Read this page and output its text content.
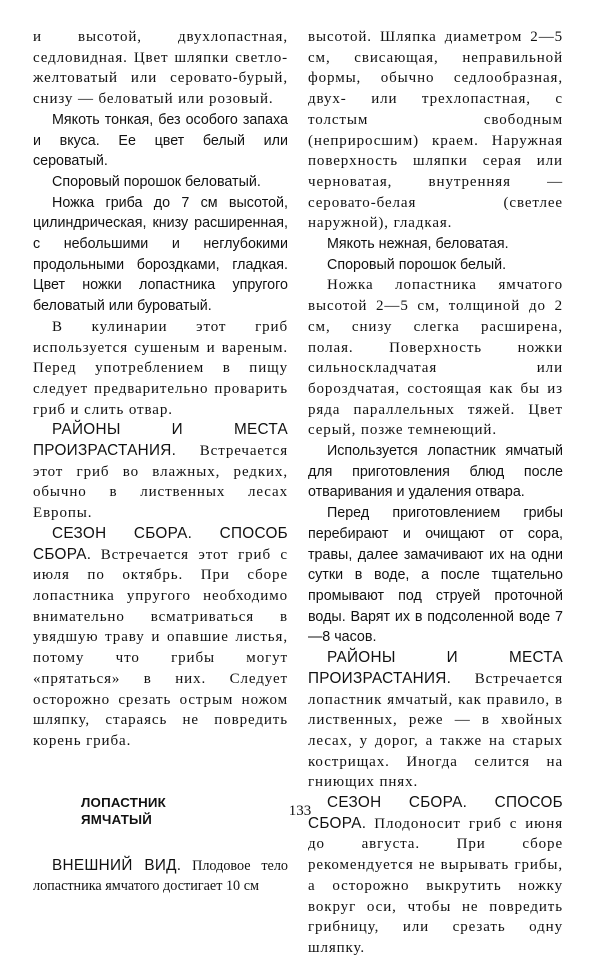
и высотой, двухлопастная, седловидная. Цвет шляпки светло-желтоватый или серовато-бурый, снизу — беловатый или розовый.

Мякоть тонкая, без особого запаха и вкуса. Ее цвет белый или сероватый.

Споровый порошок беловатый.

Ножка гриба до 7 см высотой, цилиндрическая, книзу расширенная, с небольшими и неглубокими продольными бороздками, гладкая. Цвет ножки лопастника упругого беловатый или буроватый.

В кулинарии этот гриб используется сушеным и вареным. Перед употреблением в пищу следует предварительно проварить гриб и слить отвар.

РАЙОНЫ И МЕСТА ПРОИЗРАСТАНИЯ. Встречается этот гриб во влажных, редких, обычно в лиственных лесах Европы.

СЕЗОН СБОРА. СПОСОБ СБОРА. Встречается этот гриб с июля по октябрь. При сборе лопастника упругого необходимо внимательно всматриваться в увядшую траву и опавшие листья, потому что грибы могут «прятаться» в них. Следует осторожно срезать острым ножом шляпку, стараясь не повредить корень гриба.

ЛОПАСТНИК
ЯМЧАТЫЙ

ВНЕШНИЙ ВИД. Плодовое тело лопастника ямчатого достигает 10 см

высотой. Шляпка диаметром 2—5 см, свисающая, неправильной формы, обычно седлообразная, двух- или трехлопастная, с толстым свободным (неприросшим) краем. Наружная поверхность шляпки серая или черноватая, внутренняя — серовато-белая (светлее наружной), гладкая.

Мякоть нежная, беловатая.

Споровый порошок белый.

Ножка лопастника ямчатого высотой 2—5 см, толщиной до 2 см, снизу слегка расширена, полая. Поверхность ножки сильноскладчатая или бороздчатая, состоящая как бы из ряда параллельных тяжей. Цвет серый, позже темнеющий.

Используется лопастник ямчатый для приготовления блюд после отваривания и удаления отвара.

Перед приготовлением грибы перебирают и очищают от сора, травы, далее замачивают их на одни сутки в воде, а после тщательно промывают под струей проточной воды. Варят их в подсоленной воде 7—8 часов.

РАЙОНЫ И МЕСТА ПРОИЗРАСТАНИЯ. Встречается лопастник ямчатый, как правило, в лиственных, реже — в хвойных лесах, у дорог, а также на старых кострищах. Иногда селится на гниющих пнях.

СЕЗОН СБОРА. СПОСОБ СБОРА. Плодоносит гриб с июня до августа. При сборе рекомендуется не вырывать грибы, а осторожно выкрутить ножку вокруг оси, чтобы не повредить грибницу, или срезать одну шляпку.

133
